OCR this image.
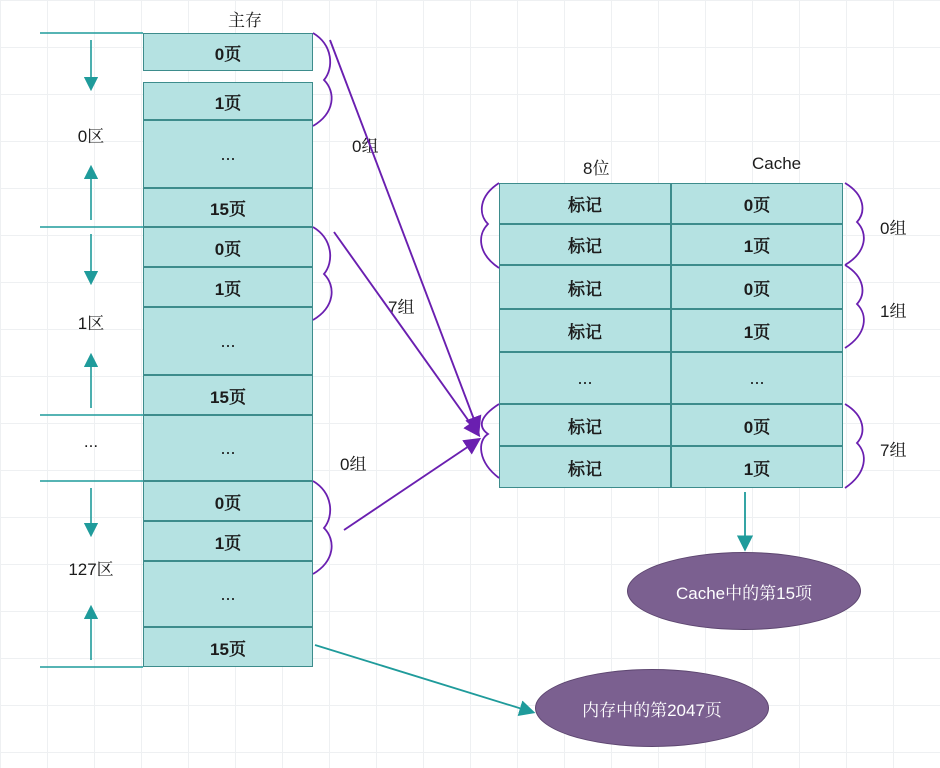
主存
8位	Cache
0页
1页
...
15页
0页
1页
...
15页
...
0页
1页
...
15页
0区
1区
...
127区
0组
7组
0组
标记	0页
标记	1页
标记	0页
标记	1页
...	...
标记	0页
标记	1页
0组
1组
7组
Cache中的第15项
内存中的第2047页
